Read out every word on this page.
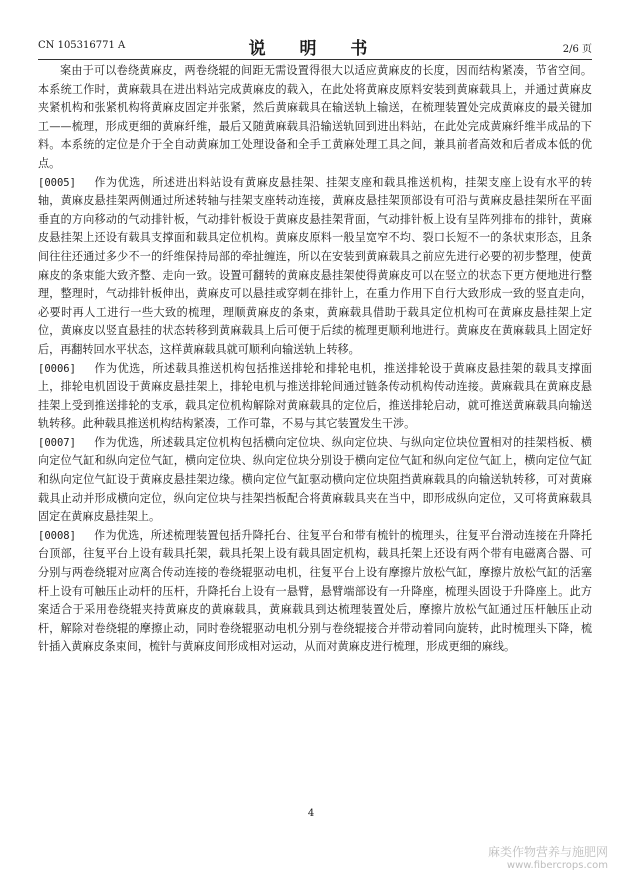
CN 105316771 A	说 明 书	2/6 页

案由于可以卷绕黄麻皮，两卷绕辊的间距无需设置得很大以适应黄麻皮的长度，因而结构紧凑，节省空间。本系统工作时，黄麻载具在进出料站完成黄麻皮的载入，在此处将黄麻皮原料安装到黄麻载具上，并通过黄麻皮夹紧机构和张紧机构将黄麻皮固定并张紧，然后黄麻载具在输送轨上输送，在梳理装置处完成黄麻皮的最关键加工——梳理，形成更细的黄麻纤维，最后又随黄麻载具沿输送轨回到进出料站，在此处完成黄麻纤维半成品的下料。本系统的定位是介于全自动黄麻加工处理设备和全手工黄麻处理工具之间，兼具前者高效和后者成本低的优点。

[0005] 作为优选，所述进出料站设有黄麻皮悬挂架、挂架支座和载具推送机构，挂架支座上设有水平的转轴，黄麻皮悬挂架两侧通过所述转轴与挂架支座转动连接，黄麻皮悬挂架顶部设有可沿与黄麻皮悬挂架所在平面垂直的方向移动的气动排针板，气动排针板设于黄麻皮悬挂架背面，气动排针板上设有呈阵列排布的排针，黄麻皮悬挂架上还设有载具支撑面和载具定位机构。黄麻皮原料一般呈宽窄不均、裂口长短不一的条状束形态，且条间往往还通过多少不一的纤维保持局部的牵扯缠连，所以在安装到黄麻载具之前应先进行必要的初步整理，使黄麻皮的条束能大致齐整、走向一致。设置可翻转的黄麻皮悬挂架使得黄麻皮可以在竖立的状态下更方便地进行整理，整理时，气动排针板伸出，黄麻皮可以悬挂或穿刺在排针上，在重力作用下自行大致形成一致的竖直走向，必要时再人工进行一些大致的梳理，理顺黄麻皮的条束，黄麻载具借助于载具定位机构可在黄麻皮悬挂架上定位，黄麻皮以竖直悬挂的状态转移到黄麻载具上后可便于后续的梳理更顺利地进行。黄麻皮在黄麻载具上固定好后，再翻转回水平状态，这样黄麻载具就可顺利向输送轨上转移。

[0006] 作为优选，所述载具推送机构包括推送排轮和排轮电机，推送排轮设于黄麻皮悬挂架的载具支撑面上，排轮电机固设于黄麻皮悬挂架上，排轮电机与推送排轮间通过链条传动机构传动连接。黄麻载具在黄麻皮悬挂架上受到推送排轮的支承，载具定位机构解除对黄麻载具的定位后，推送排轮启动，就可推送黄麻载具向输送轨转移。此种载具推送机构结构紧凑，工作可靠，不易与其它装置发生干涉。

[0007] 作为优选，所述载具定位机构包括横向定位块、纵向定位块、与纵向定位块位置相对的挂架档板、横向定位气缸和纵向定位气缸，横向定位块、纵向定位块分别设于横向定位气缸和纵向定位气缸上，横向定位气缸和纵向定位气缸设于黄麻皮悬挂架边缘。横向定位气缸驱动横向定位块阻挡黄麻载具的向输送轨转移，可对黄麻载具止动并形成横向定位，纵向定位块与挂架挡板配合将黄麻载具夹在当中，即形成纵向定位，又可将黄麻载具固定在黄麻皮悬挂架上。

[0008] 作为优选，所述梳理装置包括升降托台、往复平台和带有梳针的梳理头，往复平台滑动连接在升降托台顶部，往复平台上设有载具托架，载具托架上设有载具固定机构，载具托架上还设有两个带有电磁离合器、可分别与两卷绕辊对应离合传动连接的卷绕辊驱动电机，往复平台上设有摩擦片放松气缸，摩擦片放松气缸的活塞杆上设有可触压止动杆的压杆，升降托台上设有一悬臂，悬臂端部设有一升降座，梳理头固设于升降座上。此方案适合于采用卷绕辊夹持黄麻皮的黄麻载具，黄麻载具到达梳理装置处后，摩擦片放松气缸通过压杆触压止动杆，解除对卷绕辊的摩擦止动，同时卷绕辊驱动电机分别与卷绕辊接合并带动着同向旋转，此时梳理头下降，梳针插入黄麻皮条束间，梳针与黄麻皮间形成相对运动，从而对黄麻皮进行梳理，形成更细的麻线。

4
麻类作物营养与施肥网
www.fibercrops.com
